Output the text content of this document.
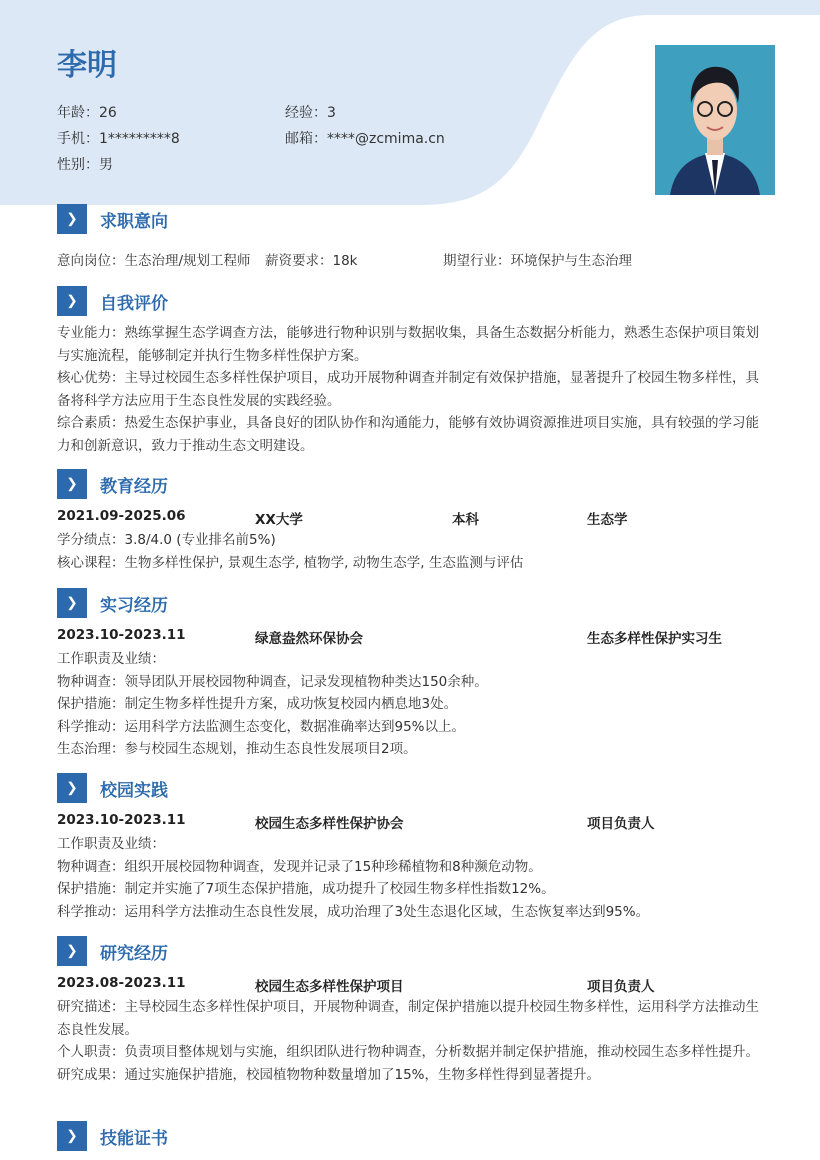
李明
年龄：26	经验：3
手机：1*********8	邮箱：****@zcmima.cn
性别：男
❯	求职意向
意向岗位：生态治理/规划工程师 薪资要求：18k	期望行业：环境保护与生态治理
❯	自我评价
专业能力：熟练掌握生态学调查方法，能够进行物种识别与数据收集，具备生态数据分析能力，熟悉生态保护项目策划与实施流程，能够制定并执行生物多样性保护方案。
核心优势：主导过校园生态多样性保护项目，成功开展物种调查并制定有效保护措施，显著提升了校园生物多样性，具备将科学方法应用于生态良性发展的实践经验。
综合素质：热爱生态保护事业，具备良好的团队协作和沟通能力，能够有效协调资源推进项目实施，具有较强的学习能力和创新意识，致力于推动生态文明建设。
❯	教育经历
2021.09-2025.06	XX大学	本科	生态学
学分绩点：3.8/4.0 (专业排名前5%)
核心课程：生物多样性保护, 景观生态学, 植物学, 动物生态学, 生态监测与评估
❯	实习经历
2023.10-2023.11	绿意盎然环保协会	生态多样性保护实习生
工作职责及业绩：
物种调查：领导团队开展校园物种调查，记录发现植物种类达150余种。
保护措施：制定生物多样性提升方案，成功恢复校园内栖息地3处。
科学推动：运用科学方法监测生态变化，数据准确率达到95%以上。
生态治理：参与校园生态规划，推动生态良性发展项目2项。
❯	校园实践
2023.10-2023.11	校园生态多样性保护协会	项目负责人
工作职责及业绩：
物种调查：组织开展校园物种调查，发现并记录了15种珍稀植物和8种濒危动物。
保护措施：制定并实施了7项生态保护措施，成功提升了校园生物多样性指数12%。
科学推动：运用科学方法推动生态良性发展，成功治理了3处生态退化区域，生态恢复率达到95%。
❯	研究经历
2023.08-2023.11	校园生态多样性保护项目	项目负责人
研究描述：主导校园生态多样性保护项目，开展物种调查，制定保护措施以提升校园生物多样性，运用科学方法推动生态良性发展。
个人职责：负责项目整体规划与实施，组织团队进行物种调查，分析数据并制定保护措施，推动校园生态多样性提升。
研究成果：通过实施保护措施，校园植物物种数量增加了15%，生物多样性得到显著提升。
❯	技能证书
